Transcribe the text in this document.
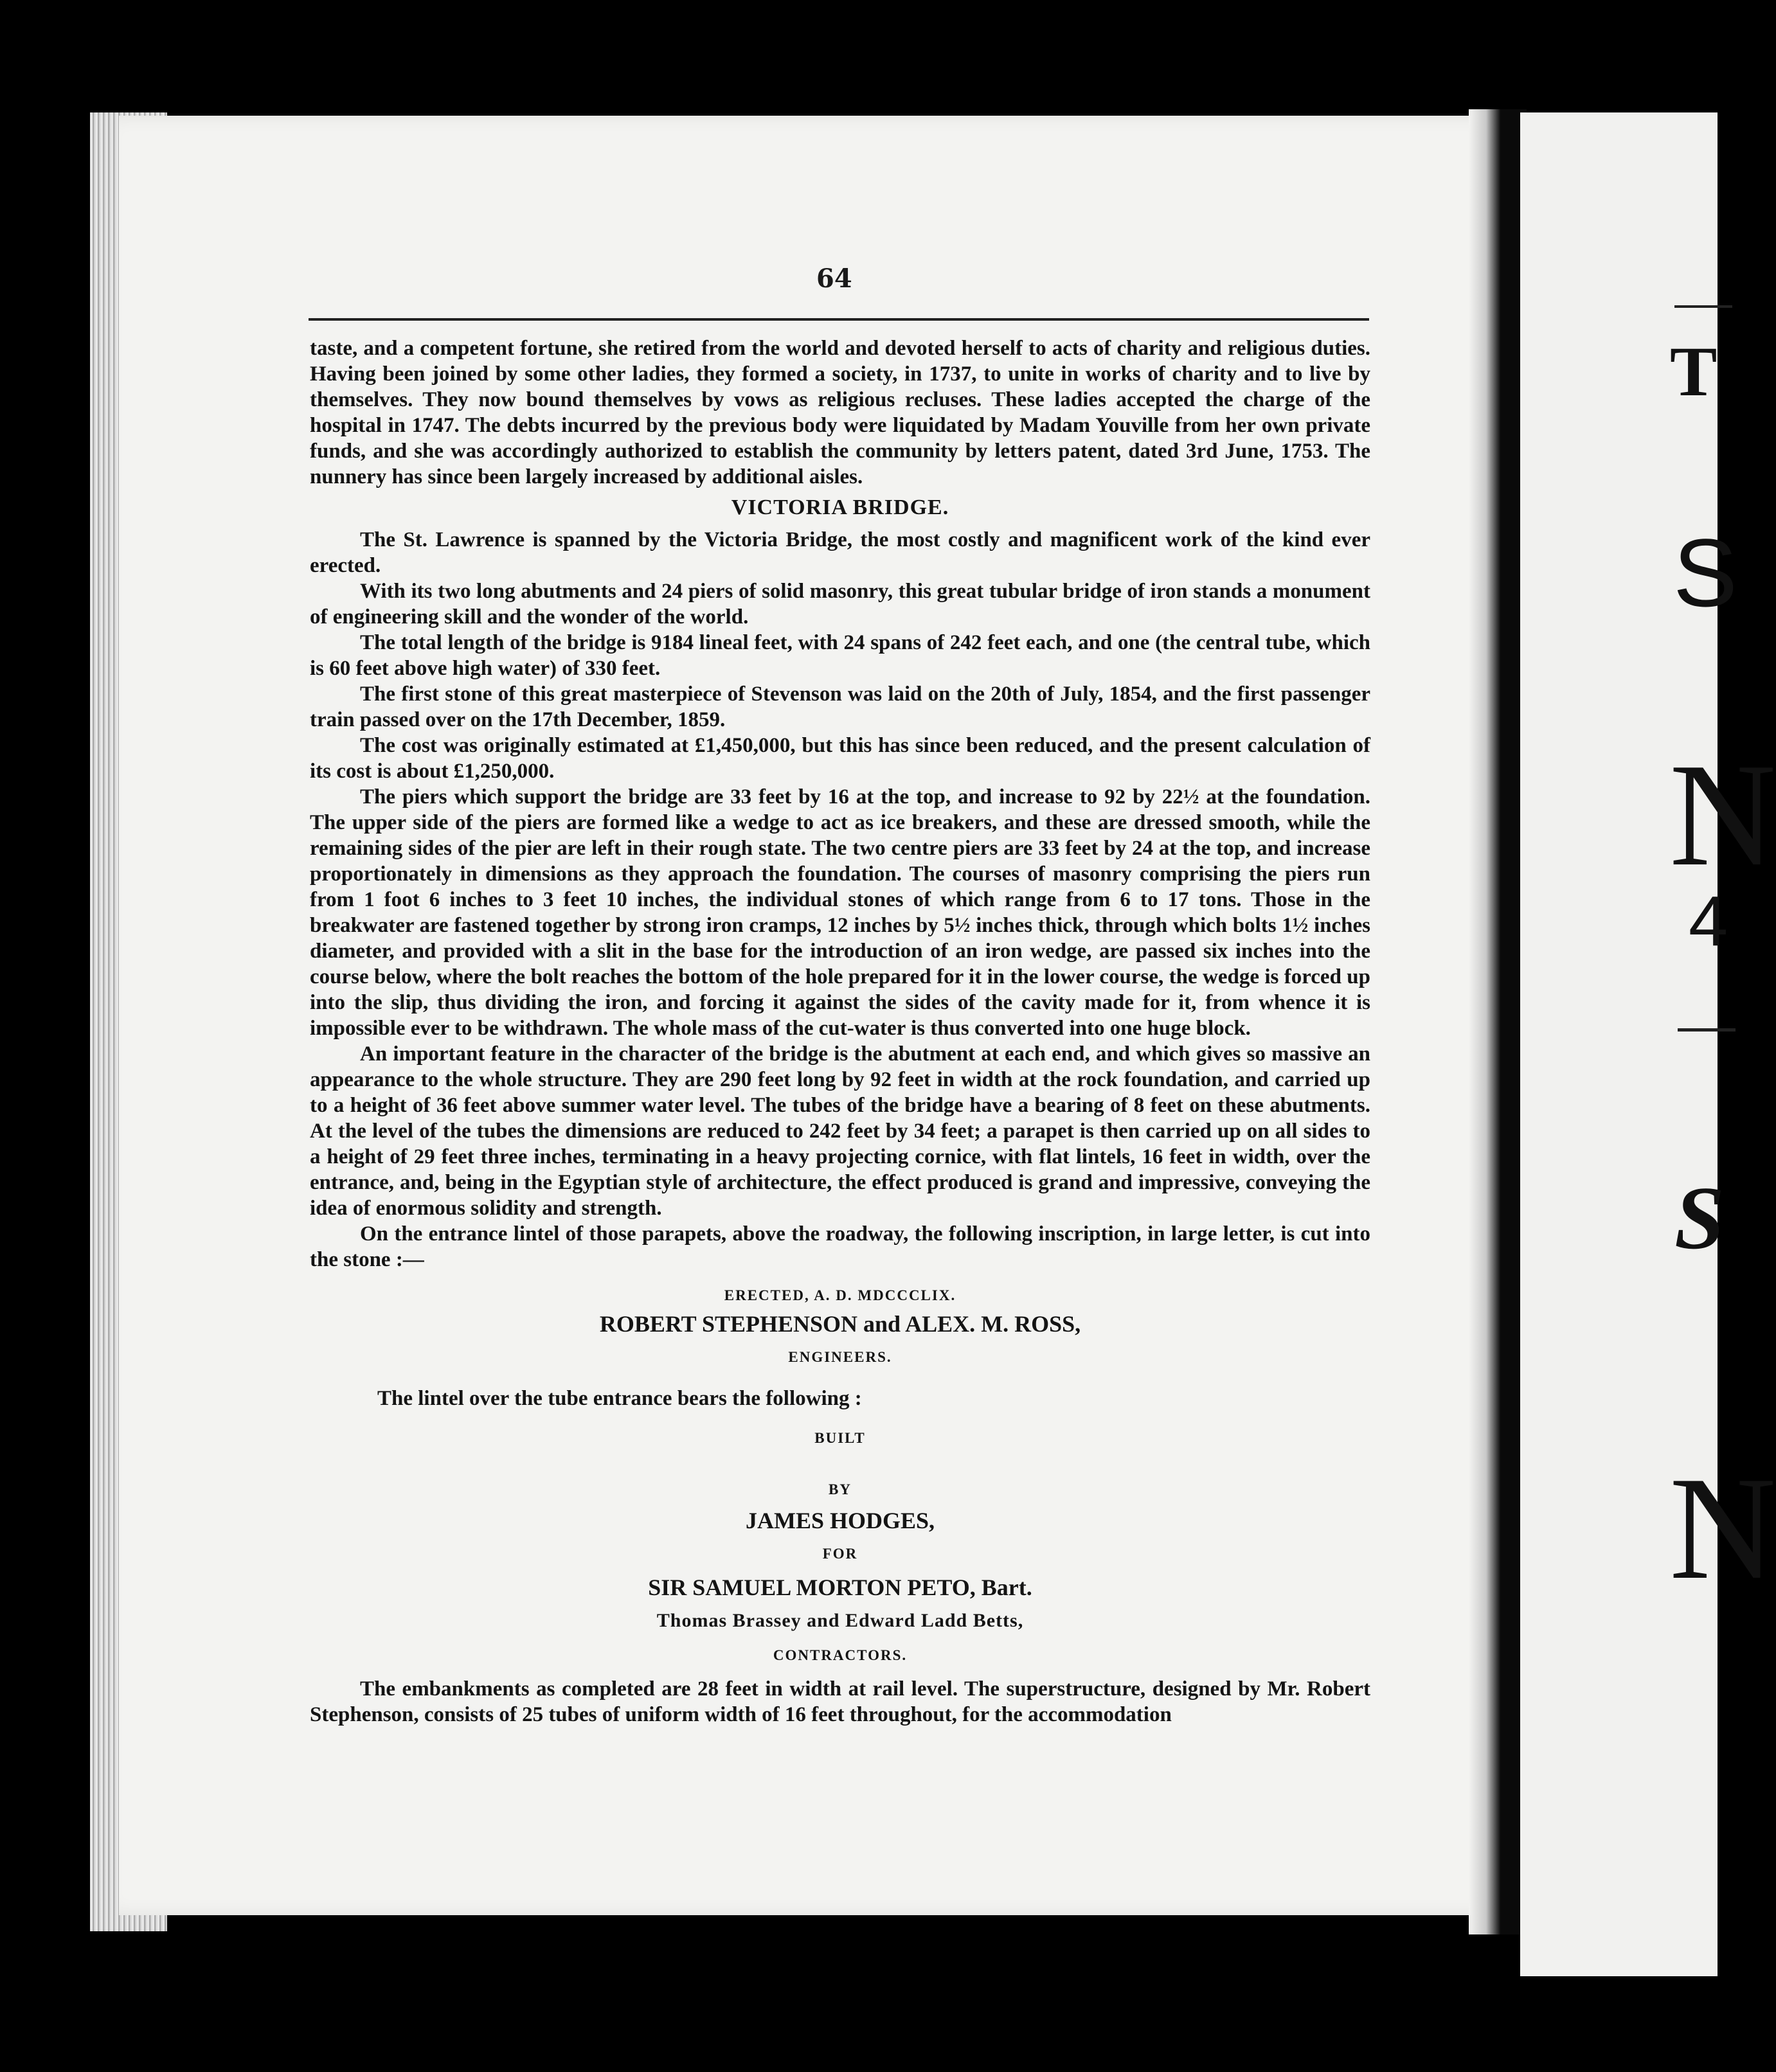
T
S
N
4
S
N
64

taste, and a competent fortune, she retired from the world and devoted herself to acts of charity and religious duties. Having been joined by some other ladies, they formed a society, in 1737, to unite in works of charity and to live by themselves. They now bound themselves by vows as religious recluses. These ladies accepted the charge of the hospital in 1747. The debts incurred by the previous body were liquidated by Madam Youville from her own private funds, and she was accordingly authorized to establish the community by letters patent, dated 3rd June, 1753. The nunnery has since been largely increased by additional aisles.

VICTORIA BRIDGE.

The St. Lawrence is spanned by the Victoria Bridge, the most costly and magnificent work of the kind ever erected.

With its two long abutments and 24 piers of solid masonry, this great tubular bridge of iron stands a monument of engineering skill and the wonder of the world.

The total length of the bridge is 9184 lineal feet, with 24 spans of 242 feet each, and one (the central tube, which is 60 feet above high water) of 330 feet.

The first stone of this great masterpiece of Stevenson was laid on the 20th of July, 1854, and the first passenger train passed over on the 17th December, 1859.

The cost was originally estimated at £1,450,000, but this has since been reduced, and the present calculation of its cost is about £1,250,000.

The piers which support the bridge are 33 feet by 16 at the top, and increase to 92 by 22½ at the foundation. The upper side of the piers are formed like a wedge to act as ice breakers, and these are dressed smooth, while the remaining sides of the pier are left in their rough state. The two centre piers are 33 feet by 24 at the top, and increase proportionately in dimensions as they approach the foundation. The courses of masonry comprising the piers run from 1 foot 6 inches to 3 feet 10 inches, the individual stones of which range from 6 to 17 tons. Those in the breakwater are fastened together by strong iron cramps, 12 inches by 5½ inches thick, through which bolts 1½ inches diameter, and provided with a slit in the base for the introduction of an iron wedge, are passed six inches into the course below, where the bolt reaches the bottom of the hole prepared for it in the lower course, the wedge is forced up into the slip, thus dividing the iron, and forcing it against the sides of the cavity made for it, from whence it is impossible ever to be withdrawn. The whole mass of the cut-water is thus converted into one huge block.

An important feature in the character of the bridge is the abutment at each end, and which gives so massive an appearance to the whole structure. They are 290 feet long by 92 feet in width at the rock foundation, and carried up to a height of 36 feet above summer water level. The tubes of the bridge have a bearing of 8 feet on these abutments. At the level of the tubes the dimensions are reduced to 242 feet by 34 feet; a parapet is then carried up on all sides to a height of 29 feet three inches, terminating in a heavy projecting cornice, with flat lintels, 16 feet in width, over the entrance, and, being in the Egyptian style of architecture, the effect produced is grand and impressive, conveying the idea of enormous solidity and strength.

On the entrance lintel of those parapets, above the roadway, the following inscription, in large letter, is cut into the stone :—

ERECTED, A. D. MDCCCLIX.

ROBERT STEPHENSON and ALEX. M. ROSS,

ENGINEERS.

The lintel over the tube entrance bears the following :

BUILT

BY

JAMES HODGES,

FOR

SIR SAMUEL MORTON PETO, Bart.

Thomas Brassey and Edward Ladd Betts,

CONTRACTORS.

The embankments as completed are 28 feet in width at rail level. The superstructure, designed by Mr. Robert Stephenson, consists of 25 tubes of uniform width of 16 feet throughout, for the accommodation
